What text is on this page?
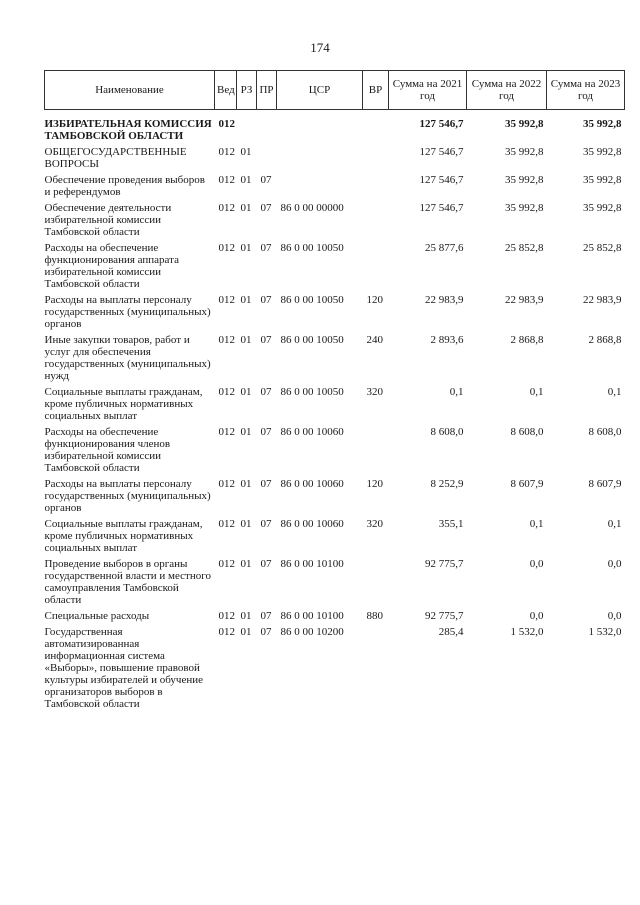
174
Наименование	Вед	РЗ	ПР	ЦСР	ВР	Сумма на 2021 год	Сумма на 2022 год	Сумма на 2023 год
ИЗБИРАТЕЛЬНАЯ КОМИССИЯ ТАМБОВСКОЙ ОБЛАСТИ	012					127 546,7	35 992,8	35 992,8
ОБЩЕГОСУДАРСТВЕННЫЕ ВОПРОСЫ	012	01				127 546,7	35 992,8	35 992,8
Обеспечение проведения выборов и референдумов	012	01	07			127 546,7	35 992,8	35 992,8
Обеспечение деятельности избирательной комиссии Тамбовской области	012	01	07	86 0 00 00000		127 546,7	35 992,8	35 992,8
Расходы на обеспечение функционирования аппарата избирательной комиссии Тамбовской области	012	01	07	86 0 00 10050		25 877,6	25 852,8	25 852,8
Расходы на выплаты персоналу государственных (муниципальных) органов	012	01	07	86 0 00 10050	120	22 983,9	22 983,9	22 983,9
Иные закупки товаров, работ и услуг для обеспечения государственных (муниципальных) нужд	012	01	07	86 0 00 10050	240	2 893,6	2 868,8	2 868,8
Социальные выплаты гражданам, кроме публичных нормативных социальных выплат	012	01	07	86 0 00 10050	320	0,1	0,1	0,1
Расходы на обеспечение функционирования членов избирательной комиссии Тамбовской области	012	01	07	86 0 00 10060		8 608,0	8 608,0	8 608,0
Расходы на выплаты персоналу государственных (муниципальных) органов	012	01	07	86 0 00 10060	120	8 252,9	8 607,9	8 607,9
Социальные выплаты гражданам, кроме публичных нормативных социальных выплат	012	01	07	86 0 00 10060	320	355,1	0,1	0,1
Проведение выборов в органы государственной власти и местного самоуправления Тамбовской области	012	01	07	86 0 00 10100		92 775,7	0,0	0,0
Специальные расходы	012	01	07	86 0 00 10100	880	92 775,7	0,0	0,0
Государственная автоматизированная информационная система «Выборы», повышение правовой культуры избирателей и обучение организаторов выборов в Тамбовской области	012	01	07	86 0 00 10200		285,4	1 532,0	1 532,0
